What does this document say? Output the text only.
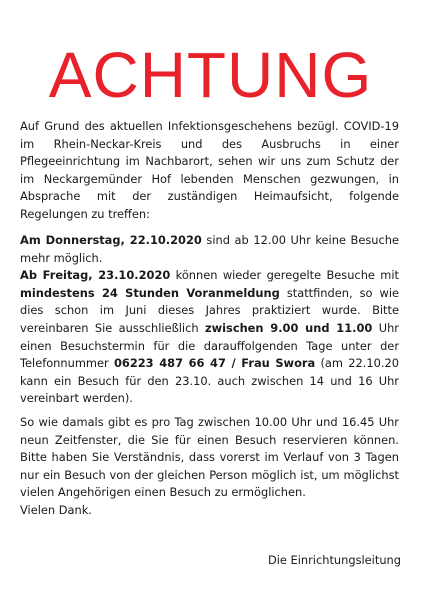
ACHTUNG

Auf Grund des aktuellen Infektionsgeschehens bezügl. COVID-19 im Rhein-Neckar-Kreis und des Ausbruchs in einer Pflegeeinrichtung im Nachbarort, sehen wir uns zum Schutz der im Neckargemünder Hof lebenden Menschen gezwungen, in Absprache mit der zuständigen Heimaufsicht, folgende Regelungen zu treffen:

Am Donnerstag, 22.10.2020 sind ab 12.00 Uhr keine Besuche mehr möglich.
Ab Freitag, 23.10.2020 können wieder geregelte Besuche mit mindestens 24 Stunden Voranmeldung stattfinden, so wie dies schon im Juni dieses Jahres praktiziert wurde. Bitte vereinbaren Sie ausschließlich zwischen 9.00 und 11.00 Uhr einen Besuchstermin für die darauffolgenden Tage unter der Telefonnummer 06223 487 66 47 / Frau Swora (am 22.10.20 kann ein Besuch für den 23.10. auch zwischen 14 und 16 Uhr vereinbart werden).

So wie damals gibt es pro Tag zwischen 10.00 Uhr und 16.45 Uhr neun Zeitfenster, die Sie für einen Besuch reservieren können. Bitte haben Sie Verständnis, dass vorerst im Verlauf von 3 Tagen nur ein Besuch von der gleichen Person möglich ist, um möglichst vielen Angehörigen einen Besuch zu ermöglichen.
Vielen Dank.

Die Einrichtungsleitung
